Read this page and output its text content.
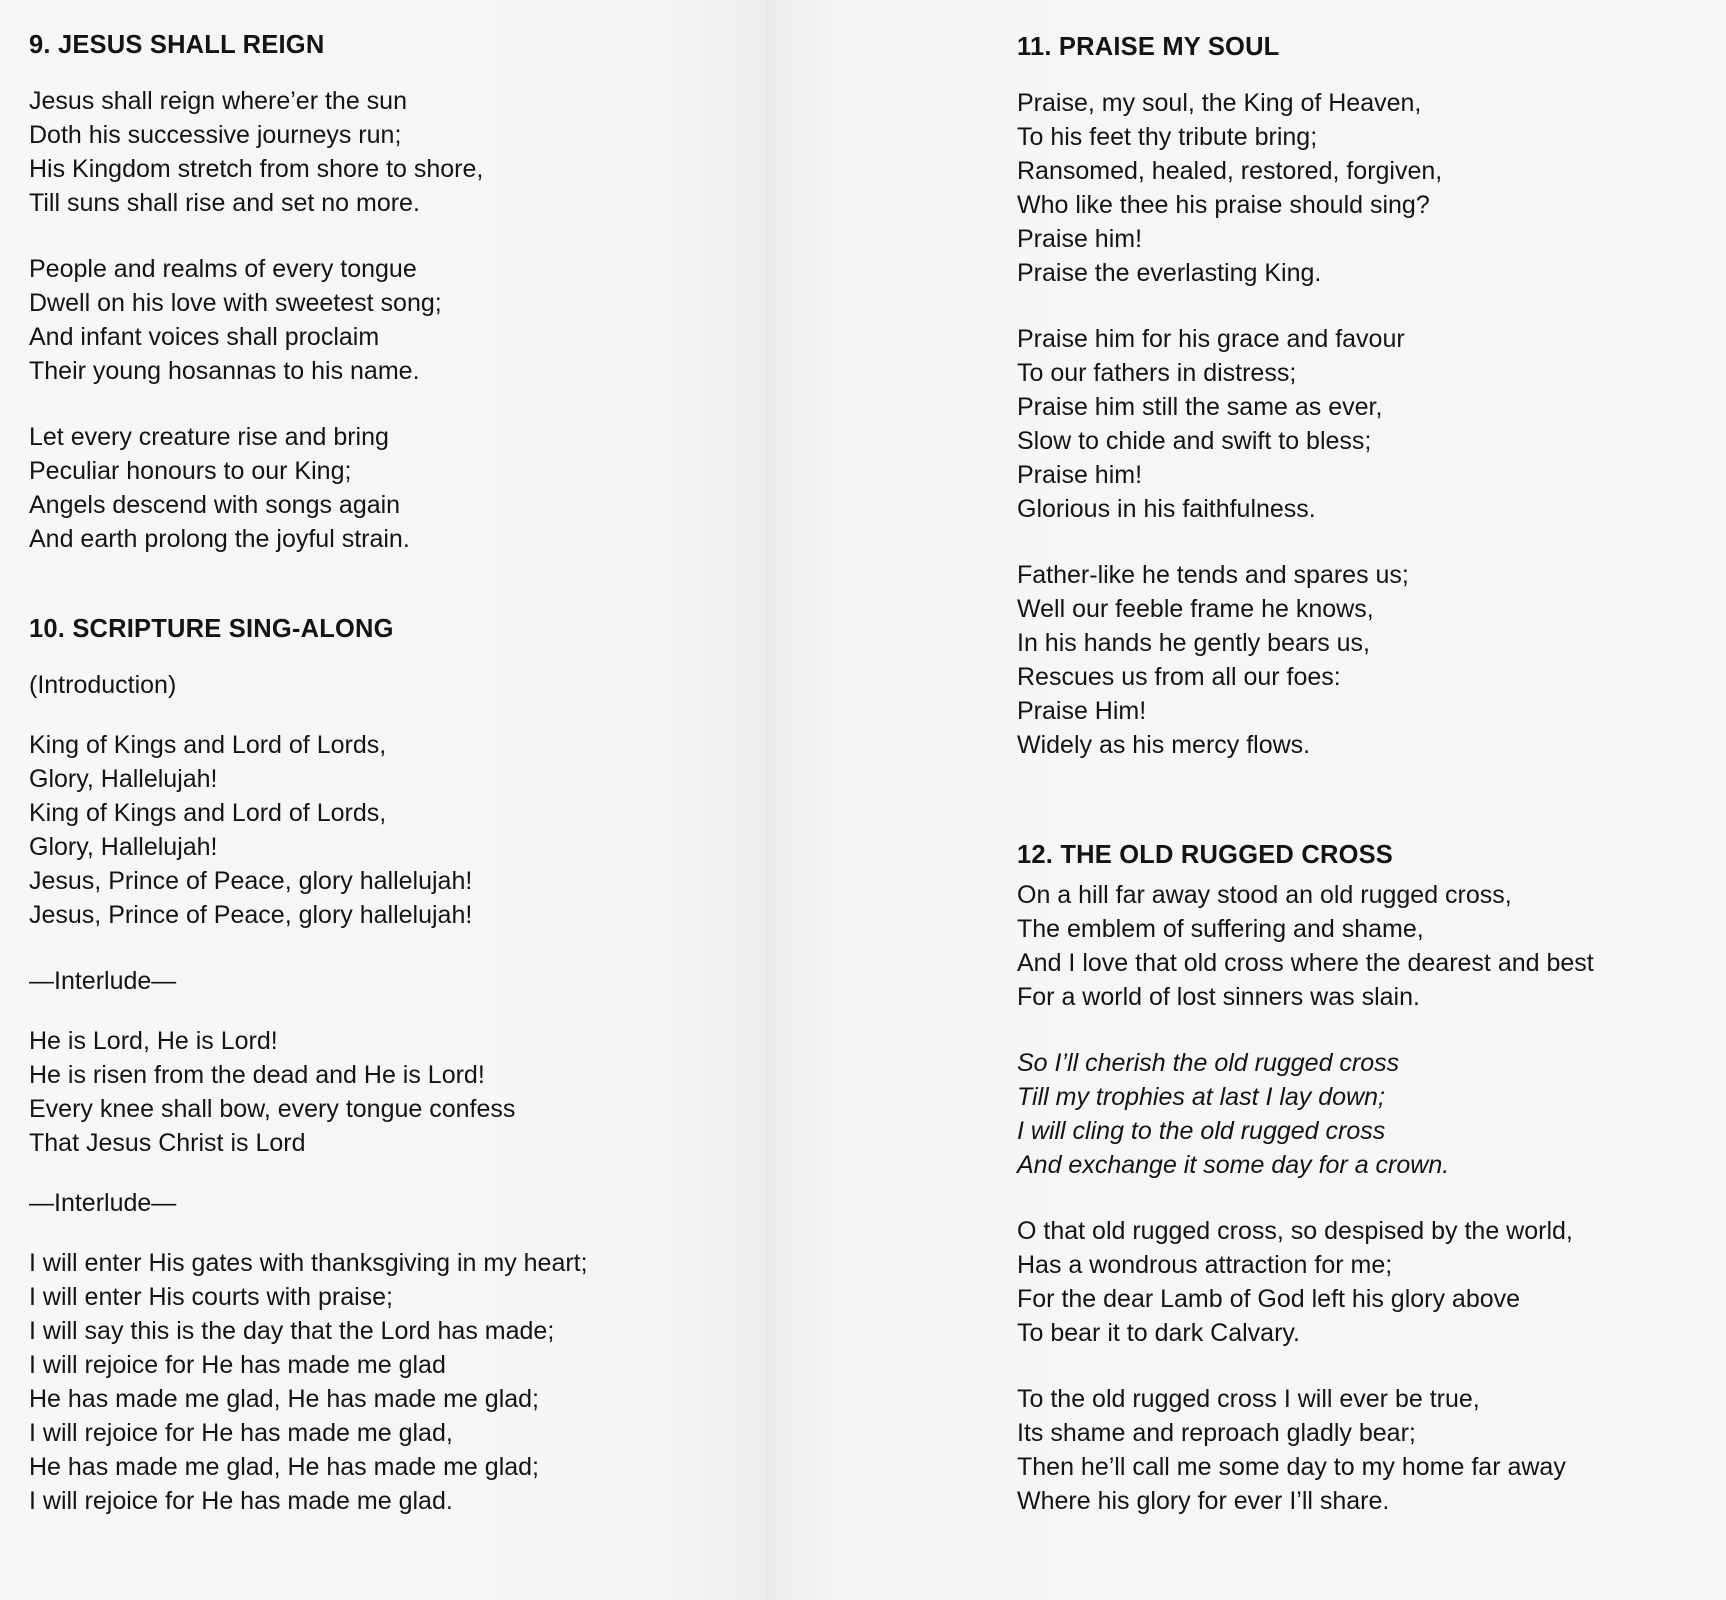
9. JESUS SHALL REIGN
Jesus shall reign where’er the sun
Doth his successive journeys run;
His Kingdom stretch from shore to shore,
Till suns shall rise and set no more.
People and realms of every tongue
Dwell on his love with sweetest song;
And infant voices shall proclaim
Their young hosannas to his name.
Let every creature rise and bring
Peculiar honours to our King;
Angels descend with songs again
And earth prolong the joyful strain.
10. SCRIPTURE SING-ALONG
(Introduction)
King of Kings and Lord of Lords,
Glory, Hallelujah!
King of Kings and Lord of Lords,
Glory, Hallelujah!
Jesus, Prince of Peace, glory hallelujah!
Jesus, Prince of Peace, glory hallelujah!
—Interlude—
He is Lord, He is Lord!
He is risen from the dead and He is Lord!
Every knee shall bow, every tongue confess
That Jesus Christ is Lord
—Interlude—
I will enter His gates with thanksgiving in my heart;
I will enter His courts with praise;
I will say this is the day that the Lord has made;
I will rejoice for He has made me glad
He has made me glad, He has made me glad;
I will rejoice for He has made me glad,
He has made me glad, He has made me glad;
I will rejoice for He has made me glad.
11. PRAISE MY SOUL
Praise, my soul, the King of Heaven,
To his feet thy tribute bring;
Ransomed, healed, restored, forgiven,
Who like thee his praise should sing?
Praise him!
Praise the everlasting King.
Praise him for his grace and favour
To our fathers in distress;
Praise him still the same as ever,
Slow to chide and swift to bless;
Praise him!
Glorious in his faithfulness.
Father-like he tends and spares us;
Well our feeble frame he knows,
In his hands he gently bears us,
Rescues us from all our foes:
Praise Him!
Widely as his mercy flows.
12. THE OLD RUGGED CROSS
On a hill far away stood an old rugged cross,
The emblem of suffering and shame,
And I love that old cross where the dearest and best
For a world of lost sinners was slain.
So I’ll cherish the old rugged cross
Till my trophies at last I lay down;
I will cling to the old rugged cross
And exchange it some day for a crown.
O that old rugged cross, so despised by the world,
Has a wondrous attraction for me;
For the dear Lamb of God left his glory above
To bear it to dark Calvary.
To the old rugged cross I will ever be true,
Its shame and reproach gladly bear;
Then he’ll call me some day to my home far away
Where his glory for ever I’ll share.
